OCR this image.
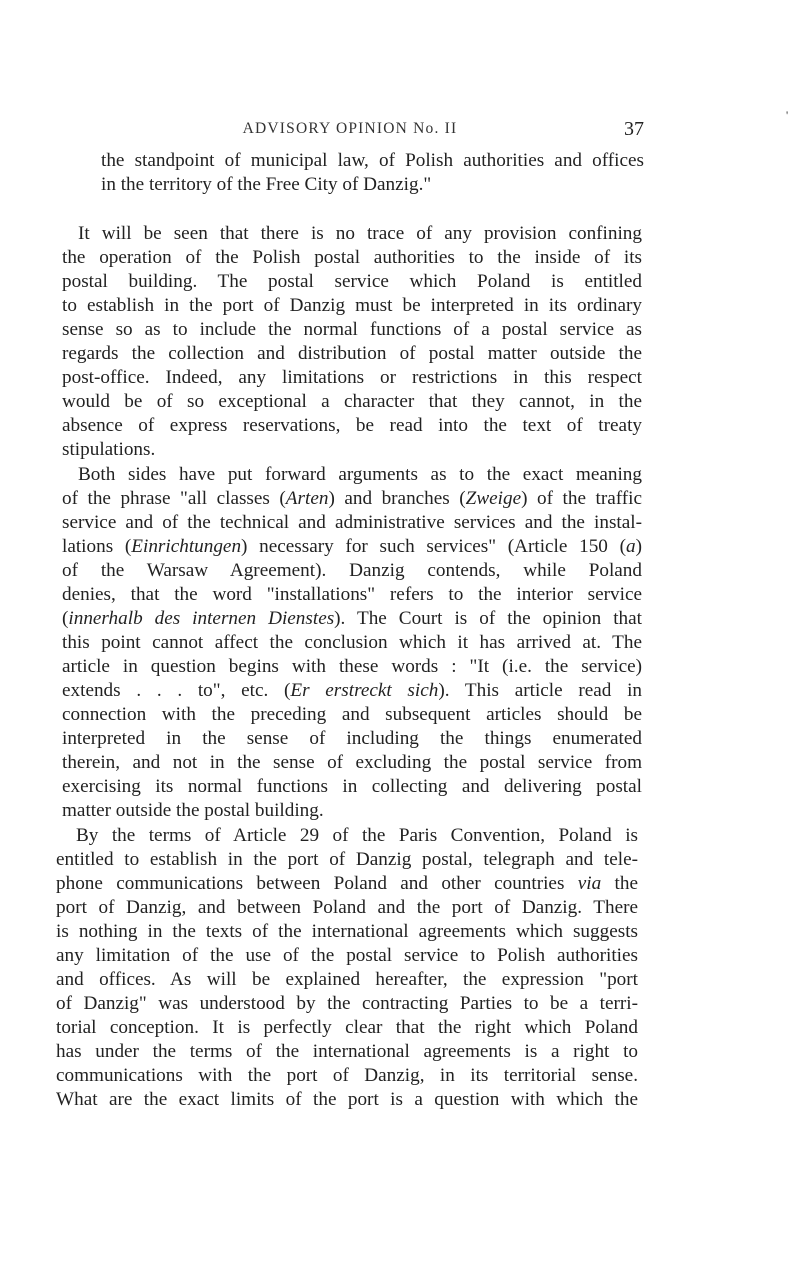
ADVISORY OPINION No. II	37
'
the standpoint of municipal law, of Polish authorities and offices
in the territory of the Free City of Danzig."
It will be seen that there is no trace of any provision confining
the operation of the Polish postal authorities to the inside of its
postal building. The postal service which Poland is entitled
to establish in the port of Danzig must be interpreted in its ordinary
sense so as to include the normal functions of a postal service as
regards the collection and distribution of postal matter outside the
post-office. Indeed, any limitations or restrictions in this respect
would be of so exceptional a character that they cannot, in the
absence of express reservations, be read into the text of treaty
stipulations.
Both sides have put forward arguments as to the exact meaning
of the phrase "all classes (Arten) and branches (Zweige) of the traffic
service and of the technical and administrative services and the instal-
lations (Einrichtungen) necessary for such services" (Article 150 (a)
of the Warsaw Agreement). Danzig contends, while Poland
denies, that the word "installations" refers to the interior service
(innerhalb des internen Dienstes). The Court is of the opinion that
this point cannot affect the conclusion which it has arrived at. The
article in question begins with these words : "It (i.e. the service)
extends . . . to", etc. (Er erstreckt sich). This article read in
connection with the preceding and subsequent articles should be
interpreted in the sense of including the things enumerated
therein, and not in the sense of excluding the postal service from
exercising its normal functions in collecting and delivering postal
matter outside the postal building.
By the terms of Article 29 of the Paris Convention, Poland is
entitled to establish in the port of Danzig postal, telegraph and tele-
phone communications between Poland and other countries via the
port of Danzig, and between Poland and the port of Danzig. There
is nothing in the texts of the international agreements which suggests
any limitation of the use of the postal service to Polish authorities
and offices. As will be explained hereafter, the expression "port
of Danzig" was understood by the contracting Parties to be a terri-
torial conception. It is perfectly clear that the right which Poland
has under the terms of the international agreements is a right to
communications with the port of Danzig, in its territorial sense.
What are the exact limits of the port is a question with which the
